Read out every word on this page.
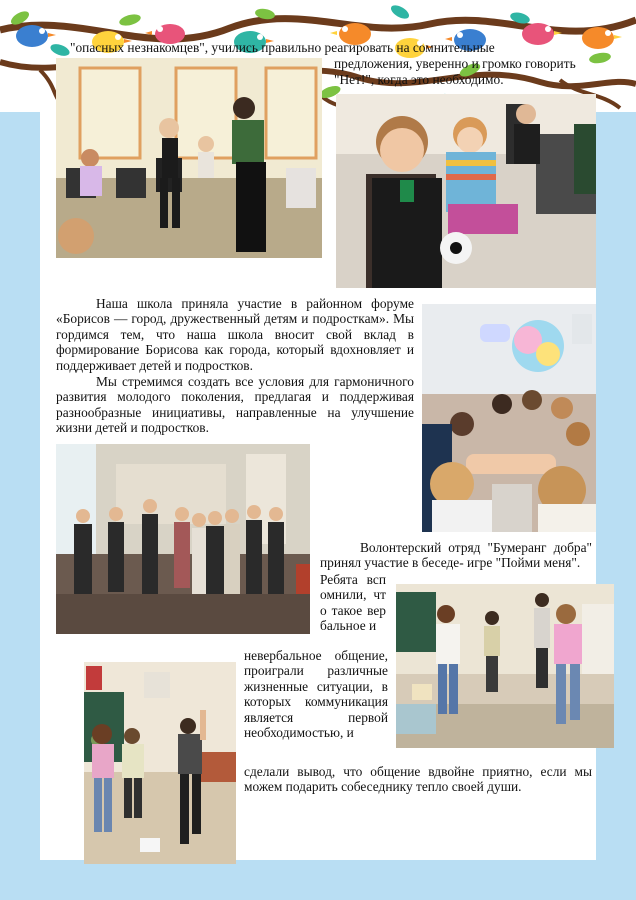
"опасных незнакомцев", учились правильно реагировать на сомнительные
предложения, уверенно и громко говорить
"Нет!", когда это необходимо.
Наша школа приняла участие в районном форуме «Борисов — город, дружественный детям и подросткам». Мы гордимся тем, что наша школа вносит свой вклад в формирование Борисова как города, который вдохновляет и поддерживает детей и подростков.
Мы стремимся создать все условия для гармоничного развития молодого поколения, предлагая и поддерживая разнообразные инициативы, направленные на улучшение жизни детей и подростков.
Волонтерский отряд "Бумеранг добра" принял участие в беседе- игре "Пойми меня".
Ребята вспомнили, что такое вербальное и
невербальное общение, проиграли различные жизненные ситуации, в которых коммуникация является первой необходимостью, и
сделали вывод, что общение вдвойне приятно, если мы можем подарить собеседнику тепло своей души.
